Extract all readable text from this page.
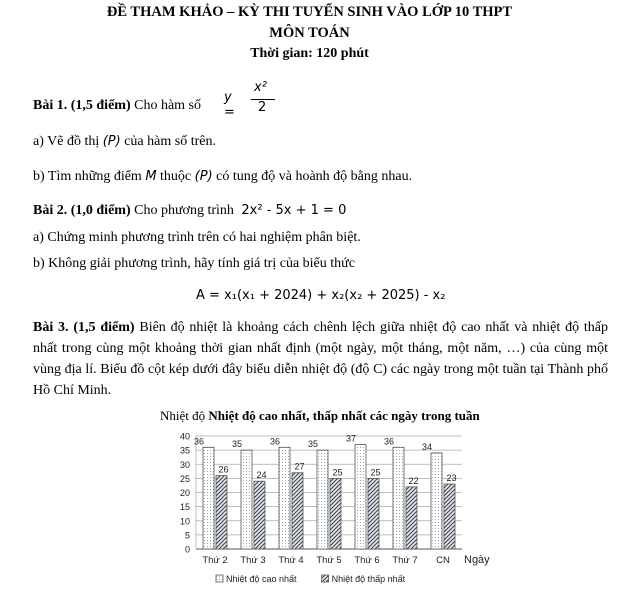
ĐỀ THAM KHẢO – KỲ THI TUYỂN SINH VÀO LỚP 10 THPT
MÔN TOÁN
Thời gian: 120 phút
Bài 1. (1,5 điểm) Cho hàm số
y =
x²
2
a) Vẽ đồ thị (P) của hàm số trên.
b) Tìm những điểm M thuộc (P) có tung độ và hoành độ bằng nhau.
Bài 2. (1,0 điểm) Cho phương trình 2x² - 5x + 1 = 0
a) Chứng minh phương trình trên có hai nghiệm phân biệt.
b) Không giải phương trình, hãy tính giá trị của biểu thức
A = x₁(x₁ + 2024) + x₂(x₂ + 2025) - x₂
Bài 3. (1,5 điểm) Biên độ nhiệt là khoảng cách chênh lệch giữa nhiệt độ cao nhất và nhiệt độ thấp nhất trong cùng một khoảng thời gian nhất định (một ngày, một tháng, một năm, …) của cùng một vùng địa lí. Biểu đồ cột kép dưới đây biểu diễn nhiệt độ (độ C) các ngày trong một tuần tại Thành phố Hồ Chí Minh.
Nhiệt độ Nhiệt độ cao nhất, thấp nhất các ngày trong tuần
0
5
10
15
20
25
30
35
40 36
26
Thứ 2
35
24
Thứ 3
36
27
Thứ 4
35
25
Thứ 5
37
25
Thứ 6
36
22
Thứ 7
34
23
CN Ngày
Nhiệt độ cao nhất	Nhiệt độ thấp nhất
